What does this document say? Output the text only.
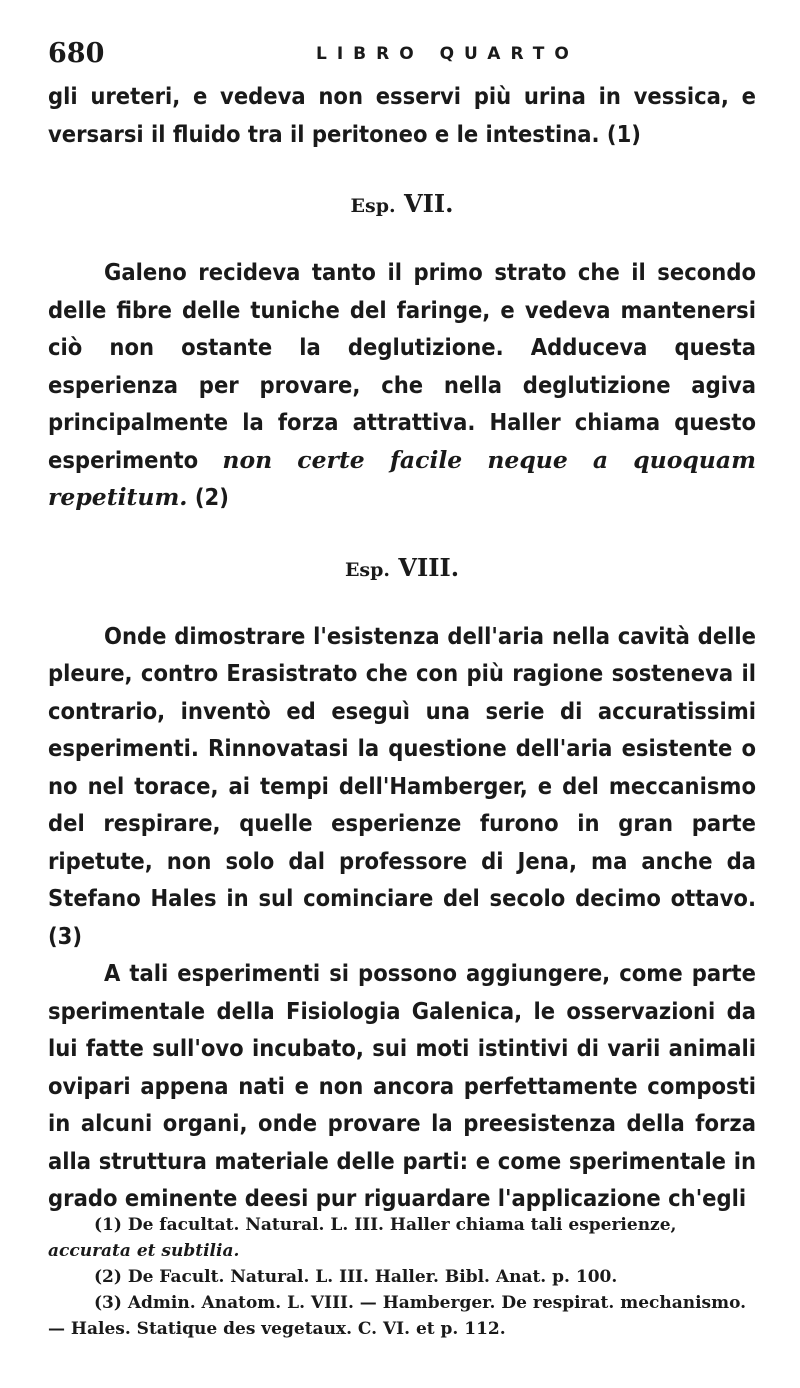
680	LIBRO QUARTO

gli ureteri, e vedeva non esservi più urina in vessica, e versarsi il fluido tra il peritoneo e le intestina. (1)

Esp. VII.

Galeno recideva tanto il primo strato che il secondo delle fibre delle tuniche del faringe, e vedeva mantenersi ciò non ostante la deglutizione. Adduceva questa esperienza per provare, che nella deglutizione agiva principalmente la forza attrattiva. Haller chiama questo esperimento non certe facile neque a quoquam repetitum. (2)

Esp. VIII.

Onde dimostrare l'esistenza dell'aria nella cavità delle pleure, contro Erasistrato che con più ragione sosteneva il contrario, inventò ed eseguì una serie di accuratissimi esperimenti. Rinnovatasi la questione dell'aria esistente o no nel torace, ai tempi dell'Hamberger, e del meccanismo del respirare, quelle esperienze furono in gran parte ripetute, non solo dal professore di Jena, ma anche da Stefano Hales in sul cominciare del secolo decimo ottavo. (3)

A tali esperimenti si possono aggiungere, come parte sperimentale della Fisiologia Galenica, le osservazioni da lui fatte sull'ovo incubato, sui moti istintivi di varii animali ovipari appena nati e non ancora perfettamente composti in alcuni organi, onde provare la preesistenza della forza alla struttura materiale delle parti: e come sperimentale in grado eminente deesi pur riguardare l'applicazione ch'egli

(1) De facultat. Natural. L. III. Haller chiama tali esperienze, accurata et subtilia.

(2) De Facult. Natural. L. III. Haller. Bibl. Anat. p. 100.

(3) Admin. Anatom. L. VIII. — Hamberger. De respirat. mechanismo. — Hales. Statique des vegetaux. C. VI. et p. 112.
